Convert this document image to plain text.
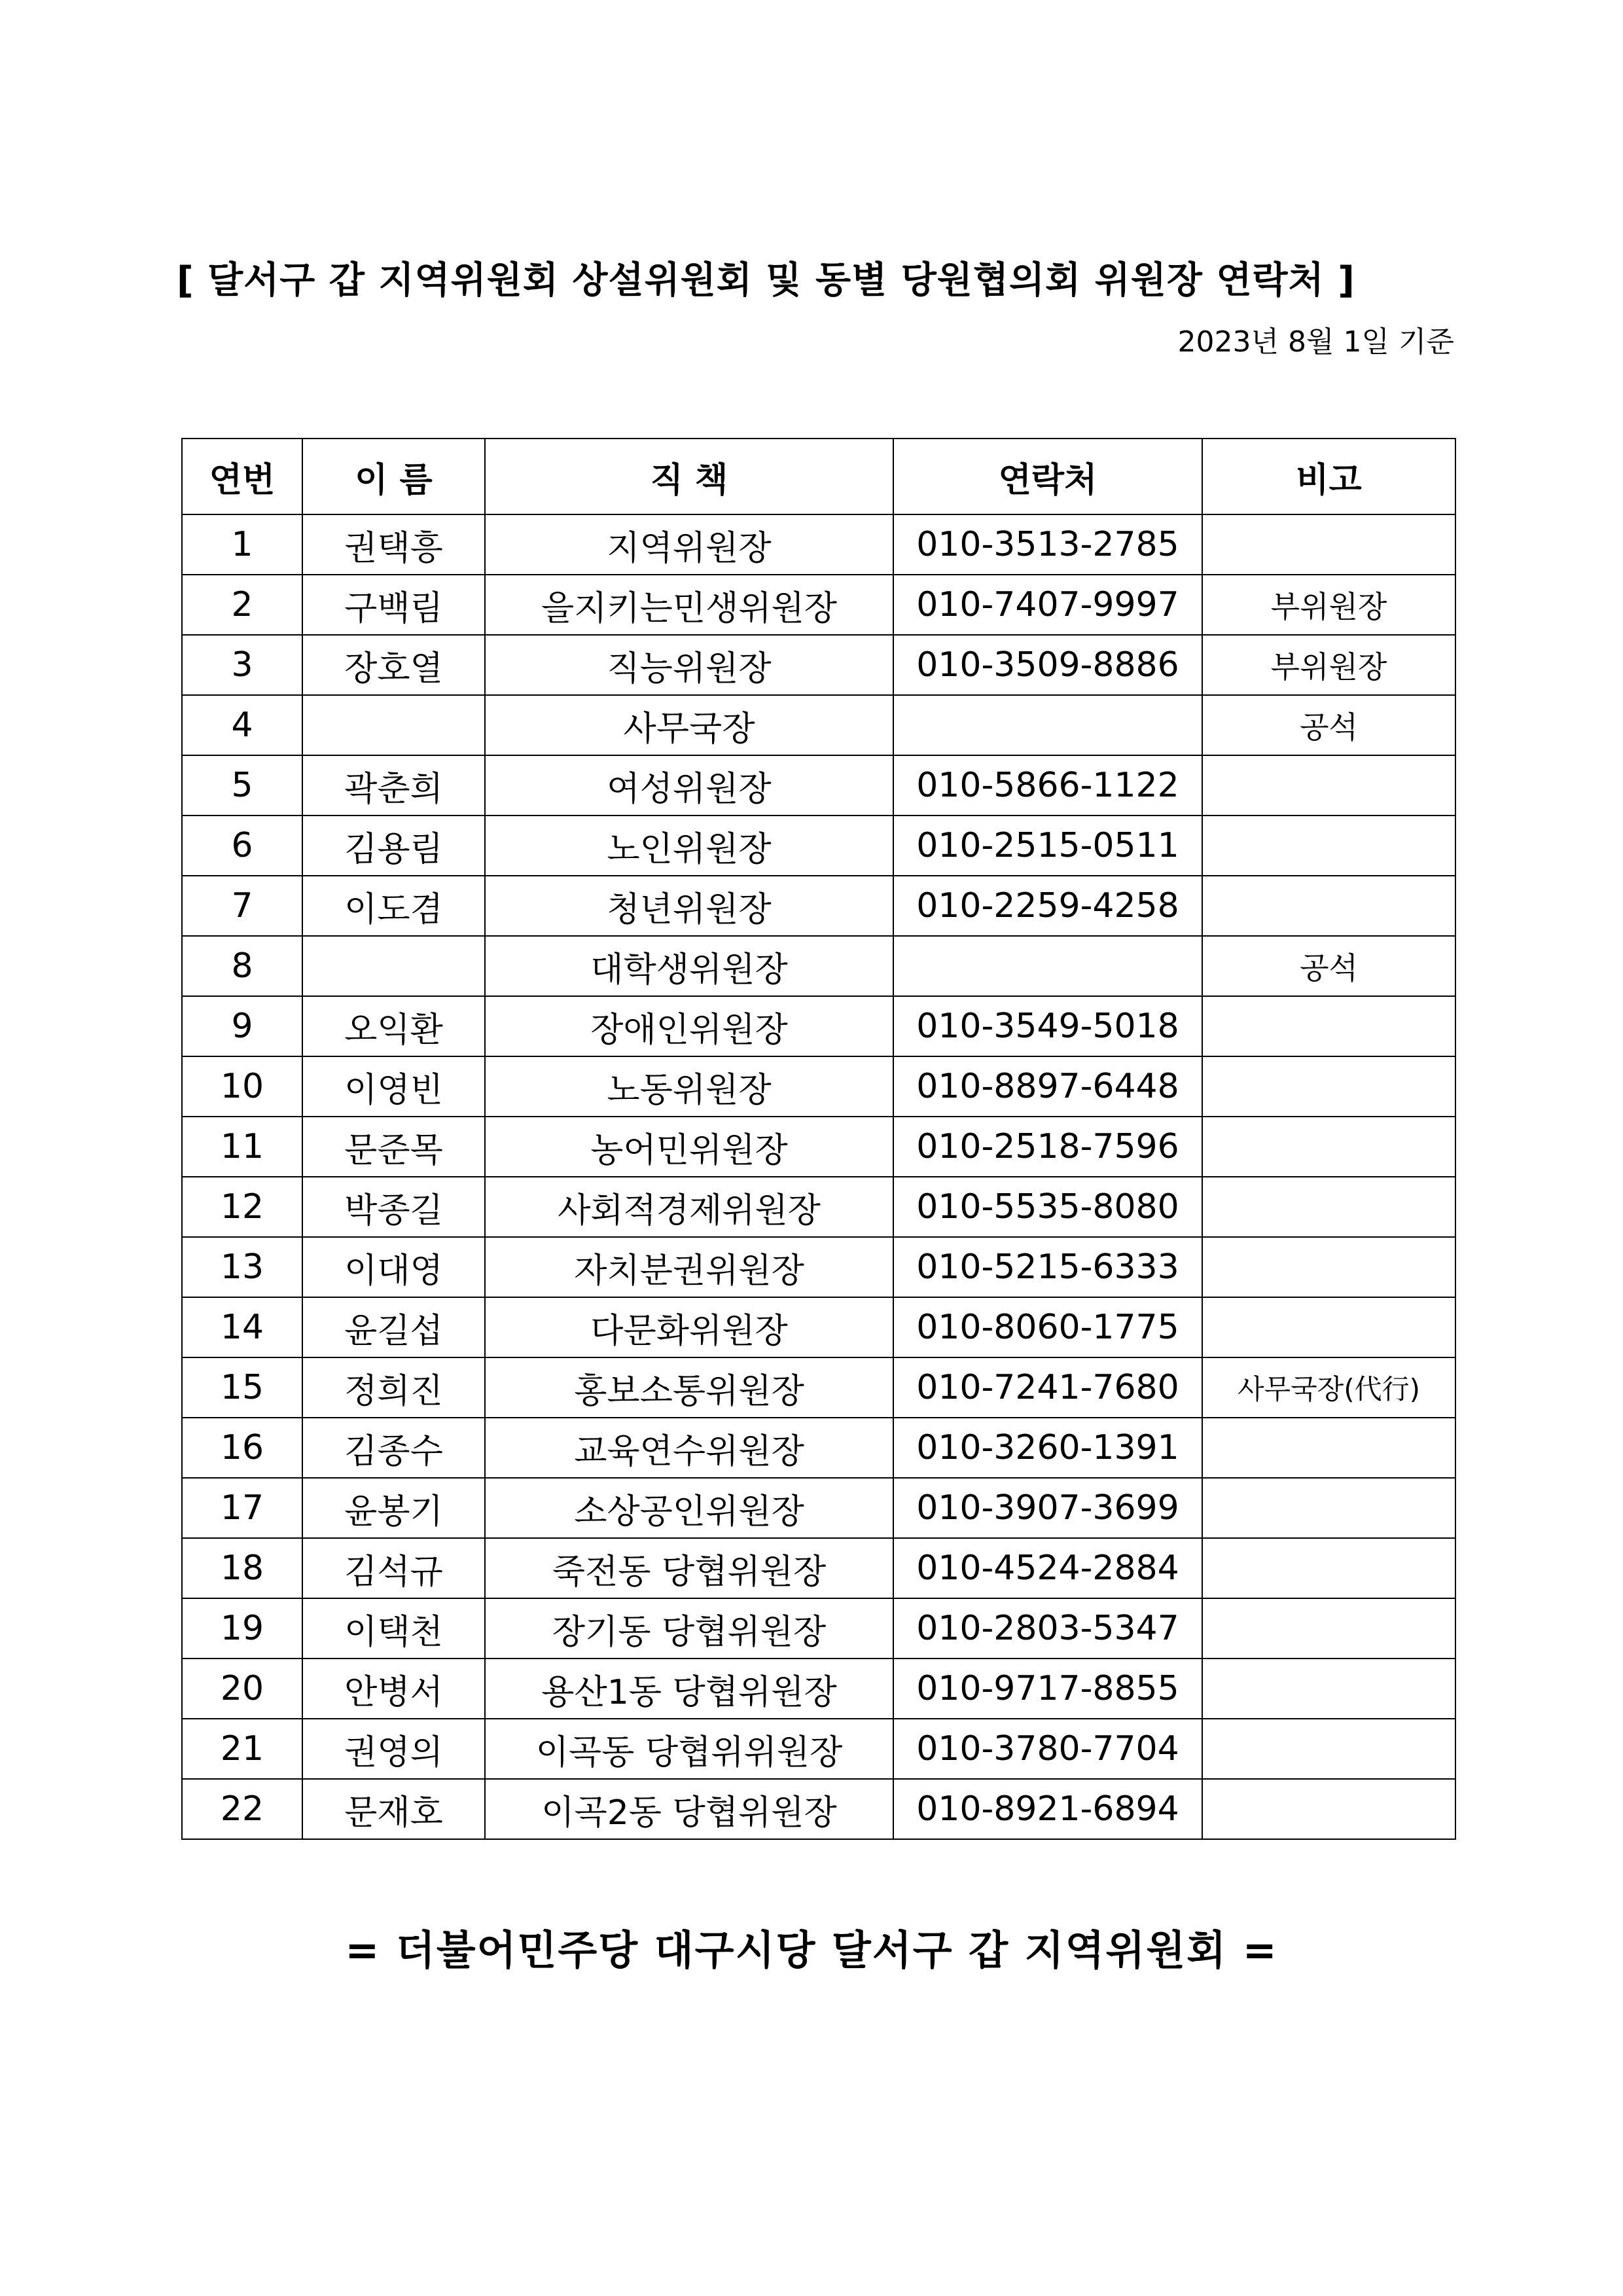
[ 달서구 갑 지역위원회 상설위원회 및 동별 당원협의회 위원장 연락처 ]
2023년 8월 1일 기준
연번	이 름	직 책	연락처	비고
1	권택흥	지역위원장	010-3513-2785	
2	구백림	을지키는민생위원장	010-7407-9997	부위원장
3	장호열	직능위원장	010-3509-8886	부위원장
4		사무국장		공석
5	곽춘희	여성위원장	010-5866-1122	
6	김용림	노인위원장	010-2515-0511	
7	이도겸	청년위원장	010-2259-4258	
8		대학생위원장		공석
9	오익환	장애인위원장	010-3549-5018	
10	이영빈	노동위원장	010-8897-6448	
11	문준목	농어민위원장	010-2518-7596	
12	박종길	사회적경제위원장	010-5535-8080	
13	이대영	자치분권위원장	010-5215-6333	
14	윤길섭	다문화위원장	010-8060-1775	
15	정희진	홍보소통위원장	010-7241-7680	사무국장(代行)
16	김종수	교육연수위원장	010-3260-1391	
17	윤봉기	소상공인위원장	010-3907-3699	
18	김석규	죽전동 당협위원장	010-4524-2884	
19	이택천	장기동 당협위원장	010-2803-5347	
20	안병서	용산1동 당협위원장	010-9717-8855	
21	권영의	이곡동 당협위위원장	010-3780-7704	
22	문재호	이곡2동 당협위원장	010-8921-6894	
= 더불어민주당 대구시당 달서구 갑 지역위원회 =
